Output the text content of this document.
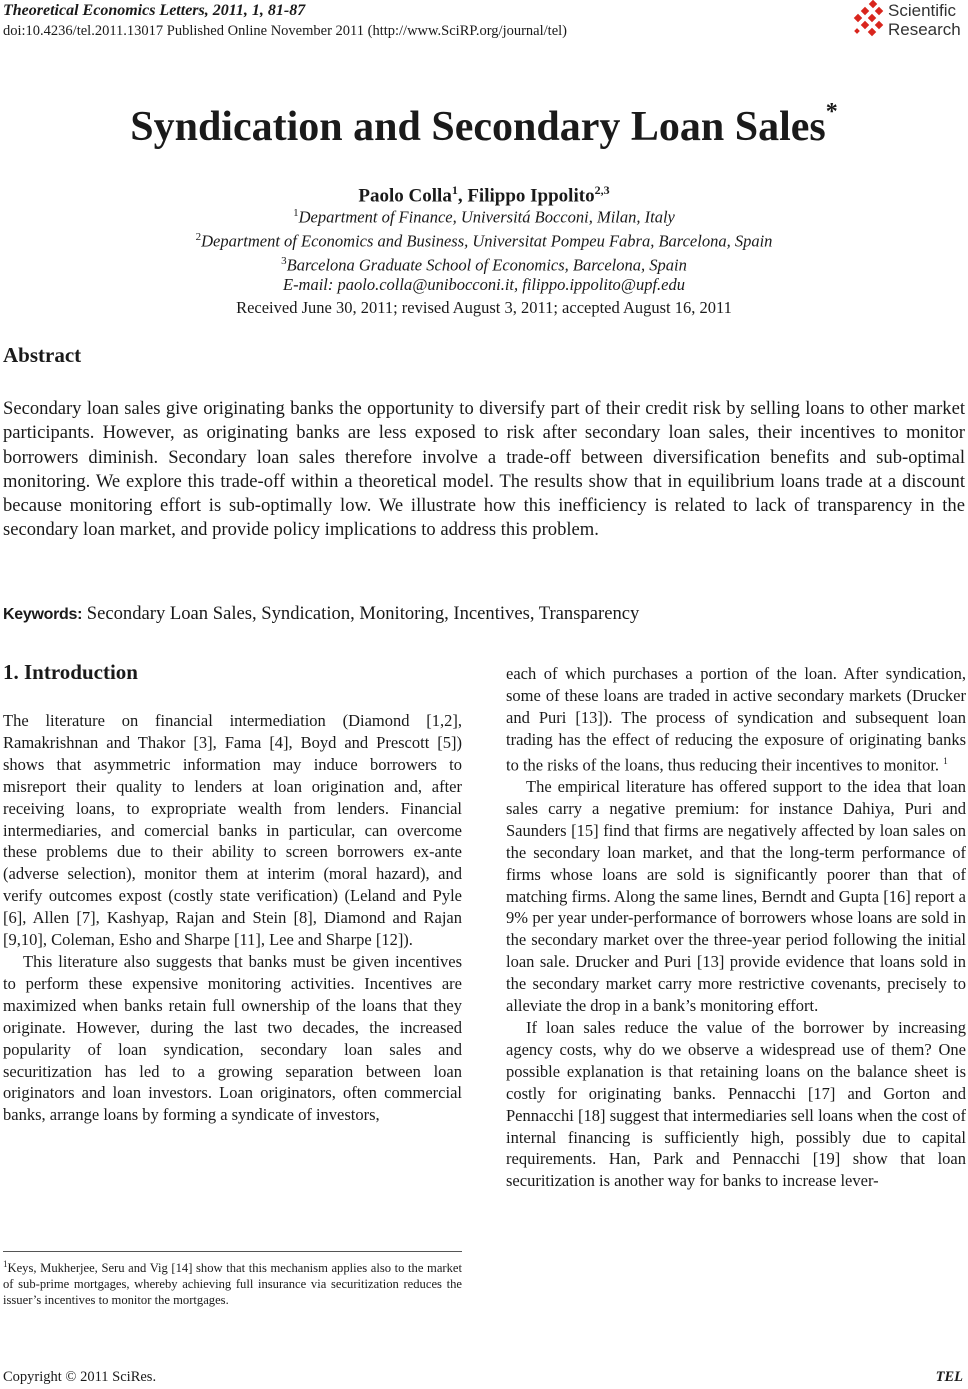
Theoretical Economics Letters, 2011, 1, 81-87
doi:10.4236/tel.2011.13017 Published Online November 2011 (http://www.SciRP.org/journal/tel)
Scientific
Research
Syndication and Secondary Loan Sales*
Paolo Colla$^1$, Filippo Ippolito$^{2,3}$
$^1$Department of Finance, Universitá Bocconi, Milan, Italy
$^2$Department of Economics and Business, Universitat Pompeu Fabra, Barcelona, Spain
$^3$Barcelona Graduate School of Economics, Barcelona, Spain
E-mail: paolo.colla@unibocconi.it, filippo.ippolito@upf.edu
Received June 30, 2011; revised August 3, 2011; accepted August 16, 2011
Abstract
Secondary loan sales give originating banks the opportunity to diversify part of their credit risk by selling loans to other market participants. However, as originating banks are less exposed to risk after secondary loan sales, their incentives to monitor borrowers diminish. Secondary loan sales therefore involve a trade-off between diversification benefits and sub-optimal monitoring. We explore this trade-off within a theoretical model. The results show that in equilibrium loans trade at a discount because monitoring effort is sub-optimally low. We illustrate how this inefficiency is related to lack of transparency in the secondary loan market, and provide policy implications to address this problem.
Keywords: Secondary Loan Sales, Syndication, Monitoring, Incentives, Transparency
1. Introduction

The literature on financial intermediation (Diamond [1,2], Ramakrishnan and Thakor [3], Fama [4], Boyd and Prescott [5]) shows that asymmetric information may induce borrowers to misreport their quality to lenders at loan origination and, after receiving loans, to expropriate wealth from lenders. Financial intermediaries, and comercial banks in particular, can overcome these problems due to their ability to screen borrowers ex-ante (adverse selection), monitor them at interim (moral hazard), and verify outcomes expost (costly state verification) (Leland and Pyle [6], Allen [7], Kashyap, Rajan and Stein [8], Diamond and Rajan [9,10], Coleman, Esho and Sharpe [11], Lee and Sharpe [12]).

This literature also suggests that banks must be given incentives to perform these expensive monitoring activities. Incentives are maximized when banks retain full ownership of the loans that they originate. However, during the last two decades, the increased popularity of loan syndication, secondary loan sales and securitization has led to a growing separation between loan originators and loan investors. Loan originators, often commercial banks, arrange loans by forming a syndicate of investors,

each of which purchases a portion of the loan. After syndication, some of these loans are traded in active secondary markets (Drucker and Puri [13]). The process of syndication and subsequent loan trading has the effect of reducing the exposure of originating banks to the risks of the loans, thus reducing their incentives to monitor. $^1$

The empirical literature has offered support to the idea that loan sales carry a negative premium: for instance Dahiya, Puri and Saunders [15] find that firms are negatively affected by loan sales on the secondary loan market, and that the long-term performance of firms whose loans are sold is significantly poorer than that of matching firms. Along the same lines, Berndt and Gupta [16] report a 9% per year under-performance of borrowers whose loans are sold in the secondary market over the three-year period following the initial loan sale. Drucker and Puri [13] provide evidence that loans sold in the secondary market carry more restrictive covenants, precisely to alleviate the drop in a bank’s monitoring effort.

If loan sales reduce the value of the borrower by increasing agency costs, why do we observe a widespread use of them? One possible explanation is that retaining loans on the balance sheet is costly for originating banks. Pennacchi [17] and Gorton and Pennacchi [18] suggest that intermediaries sell loans when the cost of internal financing is sufficiently high, possibly due to capital requirements. Han, Park and Pennacchi [19] show that loan securitization is another way for banks to increase lever-

$^1$Keys, Mukherjee, Seru and Vig [14] show that this mechanism applies also to the market of sub-prime mortgages, whereby achieving full insurance via securitization reduces the issuer’s incentives to monitor the mortgages.
Copyright © 2011 SciRes.	TEL
